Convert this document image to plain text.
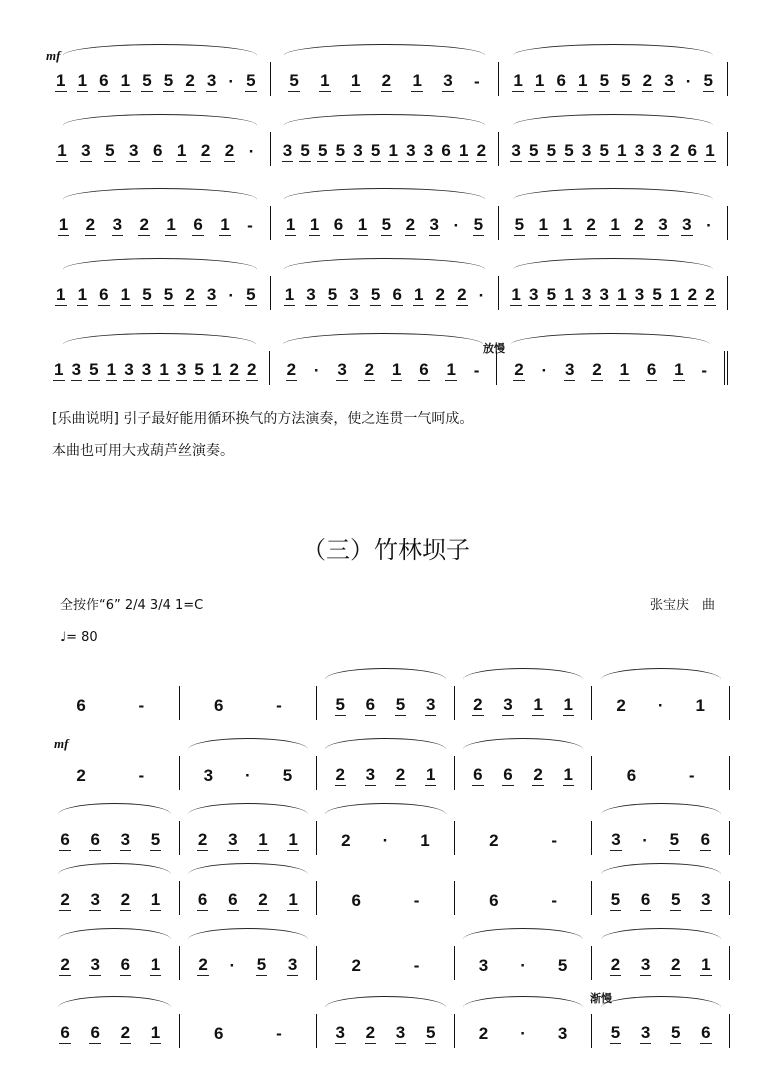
1 1 6 1 5 5 2 3 · 5 5 1 1 2 1 3 - 1 1 6 1 5 5 2 3 · 5
1 3 5 3 6 1 2 2 · 3 5 5 5 3 5 1 3 3 6 1 2 3 5 5 5 3 5 1 3 3 2 6 1
1 2 3 2 1 6 1 - 1 1 6 1 5 2 3 · 5 5 1 1 2 1 2 3 3 ·
1 1 6 1 5 5 2 3 · 5 1 3 5 3 5 6 1 2 2 · 1 3 5 1 3 3 1 3 5 1 2 2
1 3 5 1 3 3 1 3 5 1 2 2 2 · 3 2 1 6 1 - 2 · 3 2 1 6 1 -
mf
放慢
[乐曲说明] 引子最好能用循环换气的方法演奏，使之连贯一气呵成。
本曲也可用大戎葫芦丝演奏。
（三）竹林坝子
全按作“6” 2/4 3/4 1=C	张宝庆　曲
♩= 80
mf
渐慢
6	-	6	-	5 6 5 3 2 3 1 1	2 · 1
2	-	3 · 5	2 3 2 1 6 6 2 1	6	-
6 6 3 5 2 3 1 1	2 · 1	2	-	3 · 5 6
2 3 2 1 6 6 2 1	6	-	6	-	5 6 5 3
2 3 6 1 2 · 5 3	2	-	3 · 5	2 3 2 1
6 6 2 1	6	-	3 2 3 5	2 · 3	5 3 5 6
